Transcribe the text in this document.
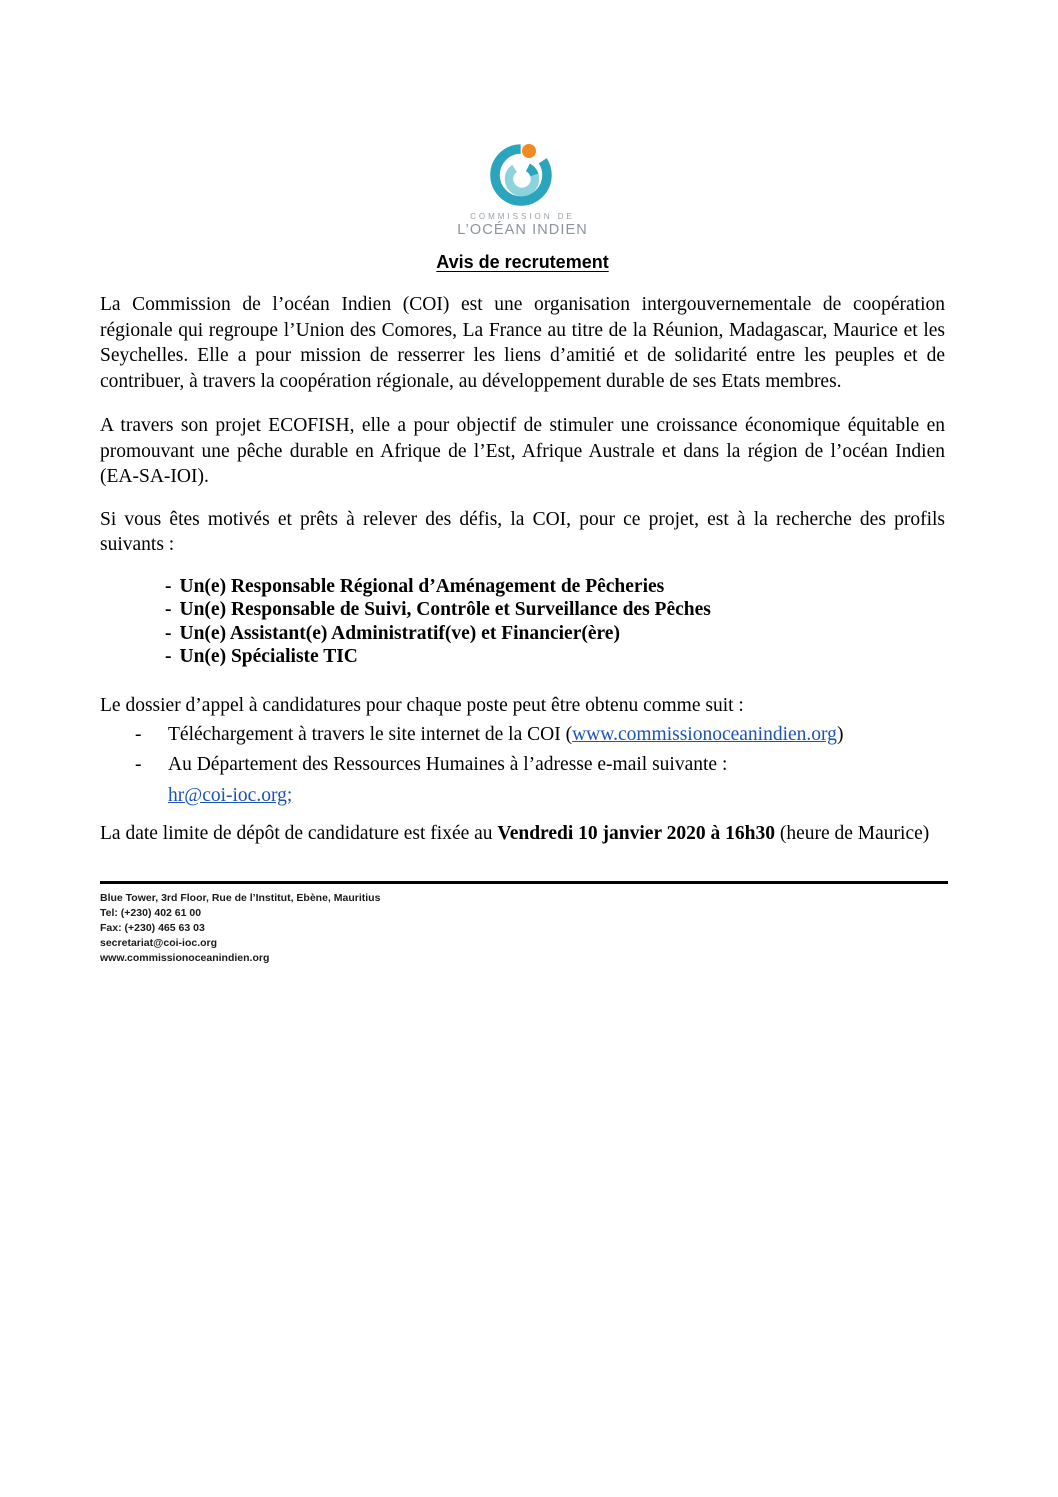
COMMISSION DE
L’OCÉAN INDIEN
Avis de recrutement

La Commission de l’océan Indien (COI) est une organisation intergouvernementale de coopération régionale qui regroupe l’Union des Comores, La France au titre de la Réunion, Madagascar, Maurice et les Seychelles. Elle a pour mission de resserrer les liens d’amitié et de solidarité entre les peuples et de contribuer, à travers la coopération régionale, au développement durable de ses Etats membres.

A travers son projet ECOFISH, elle a pour objectif de stimuler une croissance économique équitable en promouvant une pêche durable en Afrique de l’Est, Afrique Australe et dans la région de l’océan Indien (EA-SA-IOI).

Si vous êtes motivés et prêts à relever des défis, la COI, pour ce projet, est à la recherche des profils suivants :

- Un(e) Responsable Régional d’Aménagement de Pêcheries
- Un(e) Responsable de Suivi, Contrôle et Surveillance des Pêches
- Un(e) Assistant(e) Administratif(ve) et Financier(ère)
- Un(e) Spécialiste TIC

Le dossier d’appel à candidatures pour chaque poste peut être obtenu comme suit :

-	Téléchargement à travers le site internet de la COI (www.commissionoceanindien.org)
-	Au Département des Ressources Humaines à l’adresse e-mail suivante :
hr@coi-ioc.org;

La date limite de dépôt de candidature est fixée au Vendredi 10 janvier 2020 à 16h30 (heure de Maurice)

Blue Tower, 3rd Floor, Rue de l’Institut, Ebène, Mauritius
Tel: (+230) 402 61 00
Fax: (+230) 465 63 03
secretariat@coi-ioc.org
www.commissionoceanindien.org
